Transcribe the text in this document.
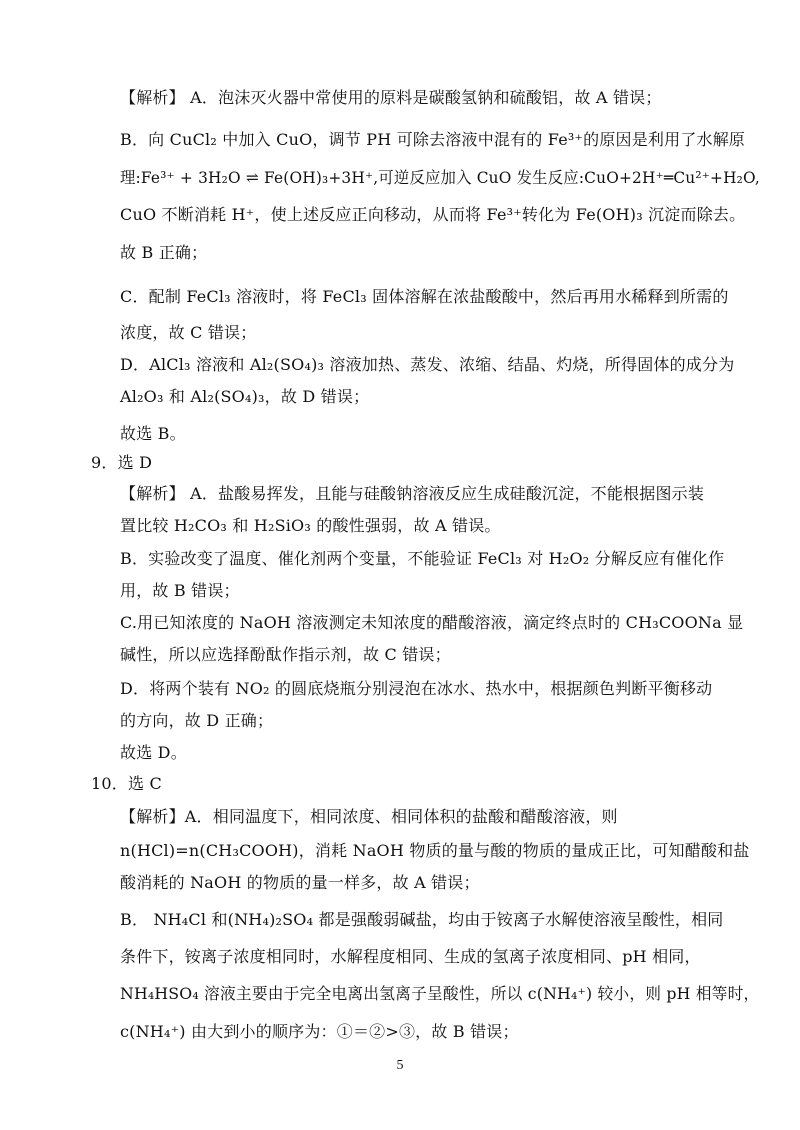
【解析】 A．泡沫灭火器中常使用的原料是碳酸氢钠和硫酸铝，故 A 错误；
B．向 CuCl₂ 中加入 CuO，调节 PH 可除去溶液中混有的 Fe³⁺的原因是利用了水解原
理:Fe³⁺ + 3H₂O ⇌ Fe(OH)₃+3H⁺,可逆反应加入 CuO 发生反应:CuO+2H⁺═Cu²⁺+H₂O,
CuO 不断消耗 H⁺，使上述反应正向移动，从而将 Fe³⁺转化为 Fe(OH)₃ 沉淀而除去。
故 B 正确；
C．配制 FeCl₃ 溶液时，将 FeCl₃ 固体溶解在浓盐酸酸中，然后再用水稀释到所需的
浓度，故 C 错误；
D．AlCl₃ 溶液和 Al₂(SO₄)₃ 溶液加热、蒸发、浓缩、结晶、灼烧，所得固体的成分为
Al₂O₃ 和 Al₂(SO₄)₃，故 D 错误；
故选 B。
9．选 D
【解析】 A．盐酸易挥发，且能与硅酸钠溶液反应生成硅酸沉淀，不能根据图示装
置比较 H₂CO₃ 和 H₂SiO₃ 的酸性强弱，故 A 错误。
B．实验改变了温度、催化剂两个变量，不能验证 FeCl₃ 对 H₂O₂ 分解反应有催化作
用，故 B 错误；
C.用已知浓度的 NaOH 溶液测定未知浓度的醋酸溶液，滴定终点时的 CH₃COONa 显
碱性，所以应选择酚酞作指示剂，故 C 错误；
D．将两个装有 NO₂ 的圆底烧瓶分别浸泡在冰水、热水中，根据颜色判断平衡移动
的方向，故 D 正确；
故选 D。
10．选 C
【解析】A．相同温度下，相同浓度、相同体积的盐酸和醋酸溶液，则
n(HCl)=n(CH₃COOH)，消耗 NaOH 物质的量与酸的物质的量成正比，可知醋酸和盐
酸消耗的 NaOH 的物质的量一样多，故 A 错误；
B． NH₄Cl 和(NH₄)₂SO₄ 都是强酸弱碱盐，均由于铵离子水解使溶液呈酸性，相同
条件下，铵离子浓度相同时，水解程度相同、生成的氢离子浓度相同、pH 相同，
NH₄HSO₄ 溶液主要由于完全电离出氢离子呈酸性，所以 c(NH₄⁺) 较小，则 pH 相等时，
c(NH₄⁺) 由大到小的顺序为：①＝②>③，故 B 错误；
5
